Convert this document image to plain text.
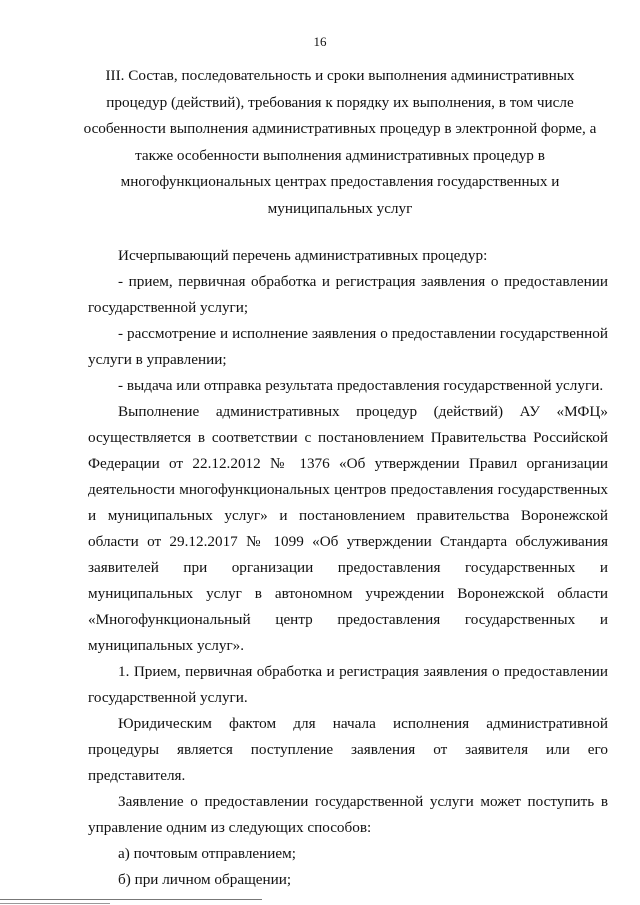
16
III. Состав, последовательность и сроки выполнения административных процедур (действий), требования к порядку их выполнения, в том числе особенности выполнения административных процедур в электронной форме, а также особенности выполнения административных процедур в многофункциональных центрах предоставления государственных и муниципальных услуг

Исчерпывающий перечень административных процедур:

- прием, первичная обработка и регистрация заявления о предоставлении государственной услуги;

- рассмотрение и исполнение заявления о предоставлении государственной услуги в управлении;

- выдача или отправка результата предоставления государственной услуги.

Выполнение административных процедур (действий) АУ «МФЦ» осуществляется в соответствии с постановлением Правительства Российской Федерации от 22.12.2012 № 1376 «Об утверждении Правил организации деятельности многофункциональных центров предоставления государственных и муниципальных услуг» и постановлением правительства Воронежской области от 29.12.2017 № 1099 «Об утверждении Стандарта обслуживания заявителей при организации предоставления государственных и муниципальных услуг в автономном учреждении Воронежской области «Многофункциональный центр предоставления государственных и муниципальных услуг».

1. Прием, первичная обработка и регистрация заявления о предоставлении государственной услуги.

Юридическим фактом для начала исполнения административной процедуры является поступление заявления от заявителя или его представителя.

Заявление о предоставлении государственной услуги может поступить в управление одним из следующих способов:

а) почтовым отправлением;

б) при личном обращении;
